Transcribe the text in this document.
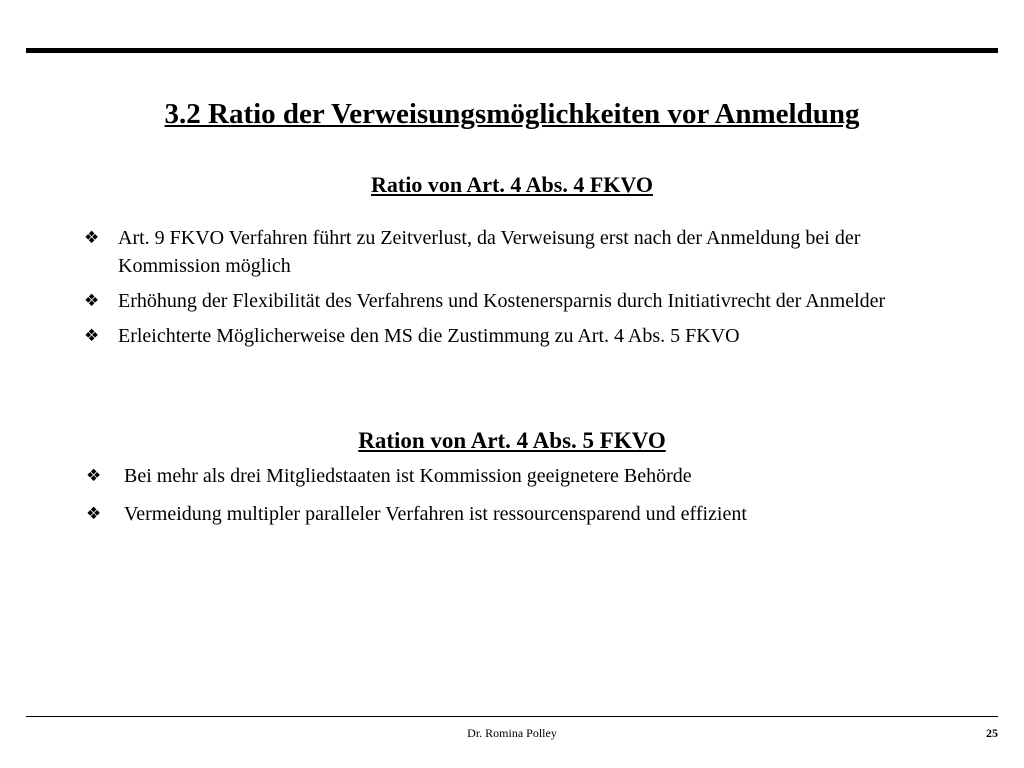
3.2 Ratio der Verweisungsmöglichkeiten vor Anmeldung
Ratio von Art. 4 Abs. 4 FKVO
❖ Art. 9 FKVO Verfahren führt zu Zeitverlust, da Verweisung erst nach der Anmeldung bei der Kommission möglich
❖ Erhöhung der Flexibilität des Verfahrens und Kostenersparnis durch Initiativrecht der Anmelder
❖ Erleichterte Möglicherweise den MS die Zustimmung zu Art. 4 Abs. 5 FKVO
Ration von Art. 4 Abs. 5 FKVO
❖ Bei mehr als drei Mitgliedstaaten ist Kommission geeignetere Behörde
❖ Vermeidung multipler paralleler Verfahren ist ressourcensparend und effizient
Dr. Romina Polley	25
